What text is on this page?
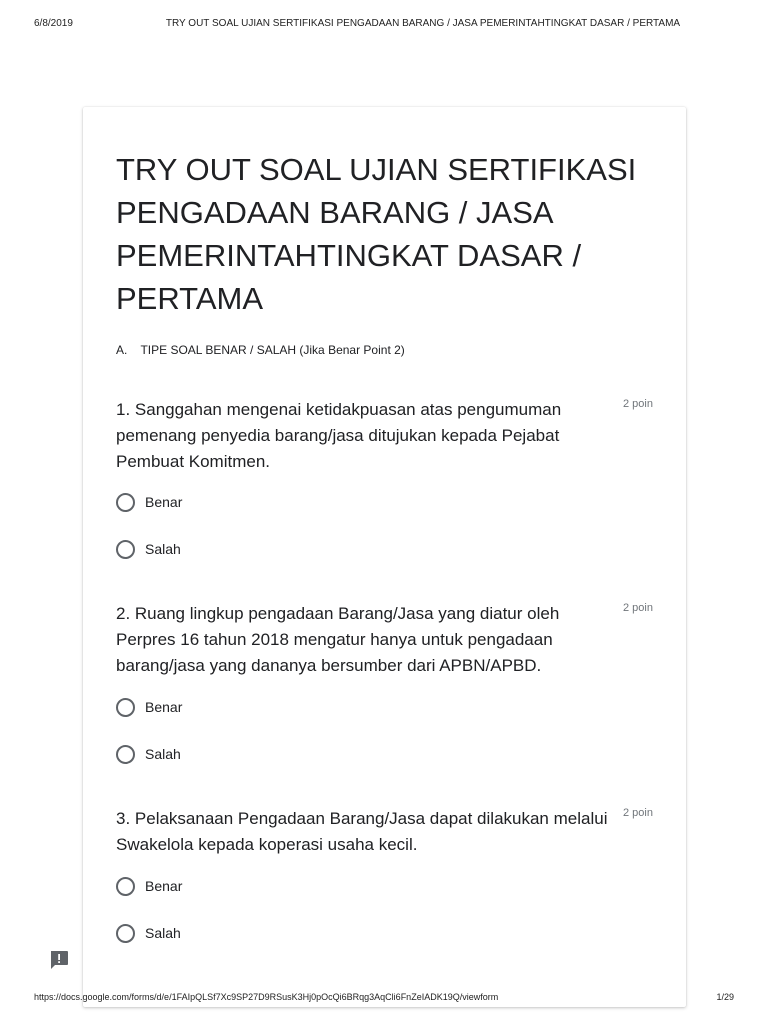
6/8/2019	TRY OUT SOAL UJIAN SERTIFIKASI PENGADAAN BARANG / JASA PEMERINTAHTINGKAT DASAR / PERTAMA
TRY OUT SOAL UJIAN SERTIFIKASI PENGADAAN BARANG / JASA PEMERINTAHTINGKAT DASAR / PERTAMA
A.    TIPE SOAL BENAR / SALAH (Jika Benar Point 2)
1. Sanggahan mengenai ketidakpuasan atas pengumuman pemenang penyedia barang/jasa ditujukan kepada Pejabat Pembuat Komitmen.
2 poin
Benar
Salah
2. Ruang lingkup pengadaan Barang/Jasa yang diatur oleh Perpres 16 tahun 2018 mengatur hanya untuk pengadaan barang/jasa yang dananya bersumber dari APBN/APBD.
2 poin
Benar
Salah
3. Pelaksanaan Pengadaan Barang/Jasa dapat dilakukan melalui Swakelola kepada koperasi usaha kecil.
2 poin
Benar
Salah
https://docs.google.com/forms/d/e/1FAIpQLSf7Xc9SP27D9RSusK3Hj0pOcQi6BRqg3AqCli6FnZeIADK19Q/viewform	1/29
